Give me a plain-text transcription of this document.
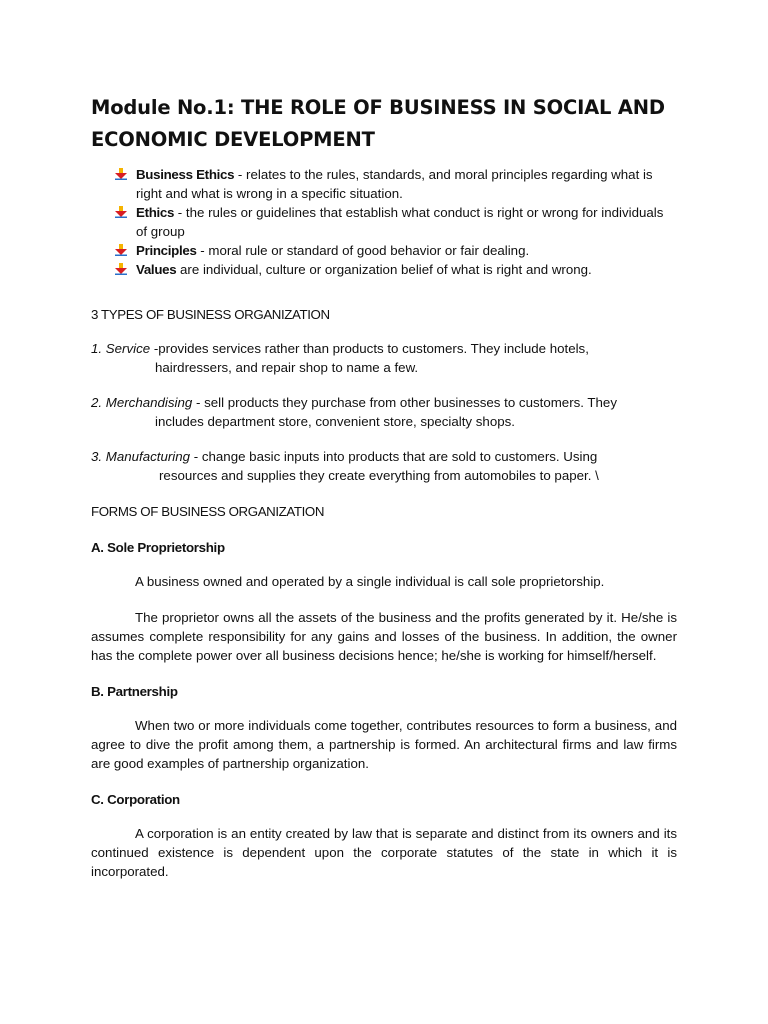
Module No.1: THE ROLE OF BUSINESS IN SOCIAL AND
ECONOMIC DEVELOPMENT
Business Ethics - relates to the rules, standards, and moral principles regarding what is right and what is wrong in a specific situation.
Ethics - the rules or guidelines that establish what conduct is right or wrong for individuals of group
Principles - moral rule or standard of good behavior or fair dealing.
Values are individual, culture or organization belief of what is right and wrong.
3 TYPES OF BUSINESS ORGANIZATION

1. Service -provides services rather than products to customers. They include hotels,
hairdressers, and repair shop to name a few.

2. Merchandising - sell products they purchase from other businesses to customers. They
includes department store, convenient store, specialty shops.

3. Manufacturing - change basic inputs into products that are sold to customers. Using
resources and supplies they create everything from automobiles to paper. \

FORMS OF BUSINESS ORGANIZATION
A. Sole Proprietorship

A business owned and operated by a single individual is call sole proprietorship.

The proprietor owns all the assets of the business and the profits generated by it. He/she is assumes complete responsibility for any gains and losses of the business. In addition, the owner has the complete power over all business decisions hence; he/she is working for himself/herself.

B. Partnership

When two or more individuals come together, contributes resources to form a business, and agree to dive the profit among them, a partnership is formed. An architectural firms and law firms are good examples of partnership organization.

C. Corporation

A corporation is an entity created by law that is separate and distinct from its owners and its continued existence is dependent upon the corporate statutes of the state in which it is incorporated.
